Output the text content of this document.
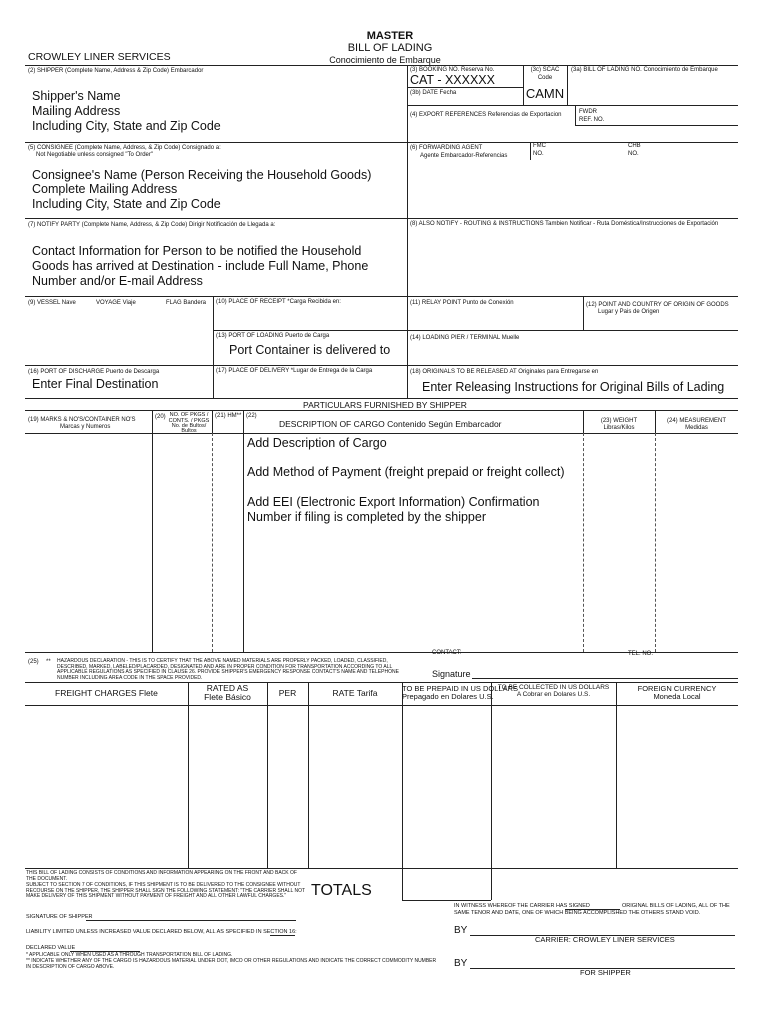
MASTER
BILL OF LADING
Conocimiento de Embarque
CROWLEY LINER SERVICES
(2) SHIPPER (Complete Name, Address & Zip Code) Embarcador
Shipper's Name
Mailing Address
Including City, State and Zip Code
(3) BOOKING NO. Reserva No.
CAT - XXXXXX
(3c) SCAC
Code
CAMN
(3a) BILL OF LADING NO. Conocimiento de Embarque
(3b) DATE Fecha
(4) EXPORT REFERENCES Referencias de Exportacion	FWDR
REF. NO.
(5) CONSIGNEE (Complete Name, Address, & Zip Code) Consignado a:
Not Negotiable unless consigned "To Order"
Consignee's Name (Person Receiving the Household Goods)
Complete Mailing Address
Including City, State and Zip Code
(6) FORWARDING AGENT
Agente Embarcador-Referencias
FMC
NO.
CHB
NO.
(7) NOTIFY PARTY (Complete Name, Address, & Zip Code) Dirigir Notificación de Llegada a:
Contact Information for Person to be notified the Household
Goods has arrived at Destination - include Full Name, Phone
Number and/or E-mail Address
(8) ALSO NOTIFY - ROUTING & INSTRUCTIONS Tambien Notificar - Ruta Doméstica/Instrucciones de Exportación
(9) VESSEL Nave	VOYAGE Viaje	FLAG Bandera (10) PLACE OF RECEIPT *Carga Recibida en:	(11) RELAY POINT Punto de Conexión	(12) POINT AND COUNTRY OF ORIGIN OF GOODS
Lugar y Pais de Origen
(13) PORT OF LOADING Puerto de Carga
Port Container is delivered to
(14) LOADING PIER / TERMINAL Muelle
(16) PORT OF DISCHARGE Puerto de Descarga
Enter Final Destination
(17) PLACE OF DELIVERY *Lugar de Entrega de la Carga	(18) ORIGINALS TO BE RELEASED AT Originales para Entregarse en
Enter Releasing Instructions for Original Bills of Lading
PARTICULARS FURNISHED BY SHIPPER
(19) MARKS & NO'S/CONTAINER NO'S
Marcas y Numeros
(20) NO. OF PKGS /
CONTS. / PKGS
No. de Bultos/
Bultos
(21) HM** (22)
DESCRIPTION OF CARGO Contenido Según Embarcador	(23) WEIGHT
Libras/Kilos
(24) MEASUREMENT
Medidas
Add Description of Cargo
Add Method of Payment (freight prepaid or freight collect)
Add EEI (Electronic Export Information) Confirmation
Number if filing is completed by the shipper
CONTACT:	TEL. NO.
(25) ** HAZARDOUS DECLARATION - THIS IS TO CERTIFY THAT THE ABOVE NAMED MATERIALS ARE PROPERLY PACKED, LOADED, CLASSIFIED, DESCRIBED, MARKED, LABELED/PLACARDED, DESIGNATED AND ARE IN PROPER CONDITION FOR TRANSPORTATION ACCORDING TO ALL APPLICABLE REGULATIONS AS SPECIFIED IN CLAUSE 26. PROVIDE SHIPPER'S EMERGENCY RESPONSE CONTACT'S NAME AND TELEPHONE NUMBER INCLUDING AREA CODE IN THE SPACE PROVIDED.	Signature
FREIGHT CHARGES Flete	RATED AS
Flete Básico	PER	RATE Tarifa	TO BE PREPAID IN US DOLLARS
Prepagado en Dolares U.S.
TO BE COLLECTED IN US DOLLARS
A Cobrar en Dolares U.S.
FOREIGN CURRENCY
Moneda Local
THIS BILL OF LADING CONSISTS OF CONDITIONS AND INFORMATION APPEARING ON THE FRONT AND BACK OF THE DOCUMENT.
SUBJECT TO SECTION 7 OF CONDITIONS, IF THIS SHIPMENT IS TO BE DELIVERED TO THE CONSIGNEE WITHOUT RECOURSE ON THE SHIPPER, THE SHIPPER SHALL SIGN THE FOLLOWING STATEMENT: "THE CARRIER SHALL NOT MAKE DELIVERY OF THIS SHIPMENT WITHOUT PAYMENT OF FREIGHT AND ALL OTHER LAWFUL CHARGES."	TOTALS
IN WITNESS WHEREOF THE CARRIER HAS SIGNED	ORIGINAL BILLS OF LADING, ALL OF THE
SAME TENOR AND DATE, ONE OF WHICH BEING ACCOMPLISHED THE OTHERS STAND VOID.
SIGNATURE OF SHIPPER
LIABILITY LIMITED UNLESS INCREASED VALUE DECLARED BELOW, ALL AS SPECIFIED IN SECTION 16:	BY
CARRIER: CROWLEY LINER SERVICES
DECLARED VALUE
* APPLICABLE ONLY WHEN USED AS A THROUGH TRANSPORTATION BILL OF LADING.
** INDICATE WHETHER ANY OF THE CARGO IS HAZARDOUS MATERIAL UNDER DOT, IMCO OR OTHER REGULATIONS AND INDICATE THE CORRECT COMMODITY NUMBER
IN DESCRIPTION OF CARGO ABOVE.	BY
FOR SHIPPER
